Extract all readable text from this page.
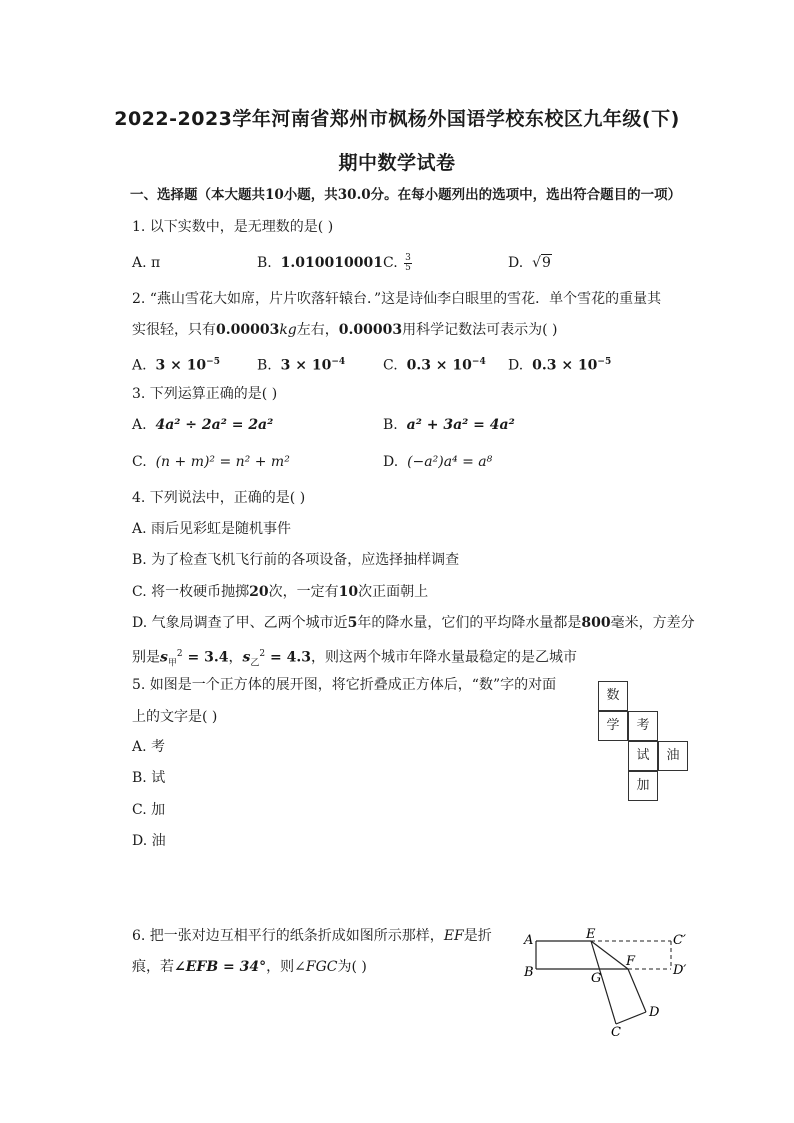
2022-2023学年河南省郑州市枫杨外国语学校东校区九年级(下)
期中数学试卷
一、选择题（本大题共10小题，共30.0分。在每小题列出的选项中，选出符合题目的一项）
1. 以下实数中，是无理数的是( )
A. π	B. 1.010010001 C. $\frac{3}{5}$	D. √9
2. “燕山雪花大如席，片片吹落轩辕台．”这是诗仙李白眼里的雪花．单个雪花的重量其
实很轻，只有0.00003kg左右，0.00003用科学记数法可表示为( )
A. $3 \times 10^{-5}$	B. $3 \times 10^{-4}$	C. $0.3 \times 10^{-4}$ D. $0.3 \times 10^{-5}$
3. 下列运算正确的是( )
A. 4a² ÷ 2a² = 2a²	B. a² + 3a² = 4a²
C. (n + m)² = n² + m²	D. (−a²)a⁴ = a⁸
4. 下列说法中，正确的是( )
A. 雨后见彩虹是随机事件
B. 为了检查飞机飞行前的各项设备，应选择抽样调查
C. 将一枚硬币抛掷20次，一定有10次正面朝上
D. 气象局调查了甲、乙两个城市近5年的降水量，它们的平均降水量都是800毫米，方差分
别是$s_甲^2 = 3.4$，$s_乙^2 = 4.3$，则这两个城市年降水量最稳定的是乙城市
5. 如图是一个正方体的展开图，将它折叠成正方体后，“数”字的对面
上的文字是( )
A. 考
B. 试
C. 加
D. 油
数
学	考
试	油
加
6. 把一张对边互相平行的纸条折成如图所示那样，EF是折
痕，若∠EFB = 34°，则∠FGC为( )
A
B
E
F
G
C
D
C′
D′
